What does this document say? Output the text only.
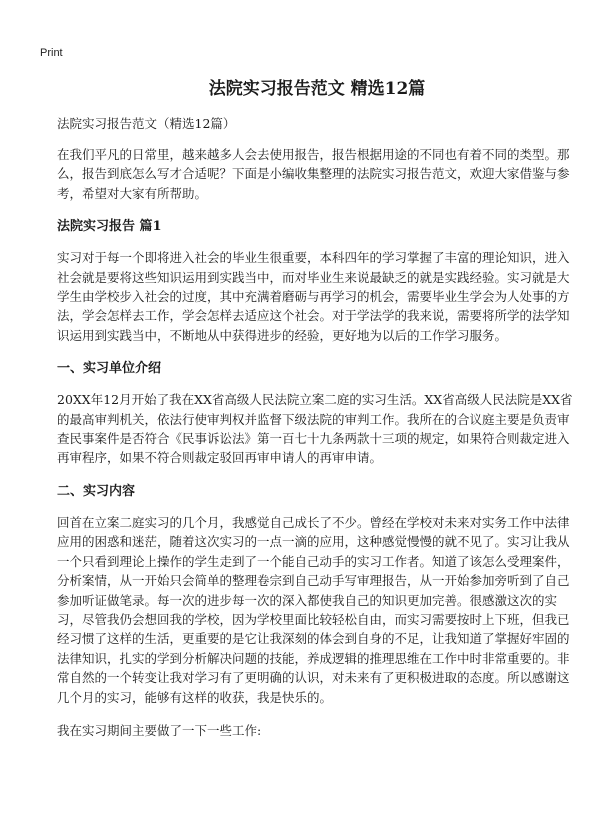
Print
法院实习报告范文 精选12篇
法院实习报告范文（精选12篇）

在我们平凡的日常里，越来越多人会去使用报告，报告根据用途的不同也有着不同的类型。那么，报告到底怎么写才合适呢？下面是小编收集整理的法院实习报告范文，欢迎大家借鉴与参考，希望对大家有所帮助。

法院实习报告 篇1

实习对于每一个即将进入社会的毕业生很重要，本科四年的学习掌握了丰富的理论知识，进入社会就是要将这些知识运用到实践当中，而对毕业生来说最缺乏的就是实践经验。实习就是大学生由学校步入社会的过度，其中充满着磨砺与再学习的机会，需要毕业生学会为人处事的方法，学会怎样去工作，学会怎样去适应这个社会。对于学法学的我来说，需要将所学的法学知识运用到实践当中，不断地从中获得进步的经验，更好地为以后的工作学习服务。

一、实习单位介绍

20XX年12月开始了我在XX省高级人民法院立案二庭的实习生活。XX省高级人民法院是XX省的最高审判机关，依法行使审判权并监督下级法院的审判工作。我所在的合议庭主要是负责审查民事案件是否符合《民事诉讼法》第一百七十九条两款十三项的规定，如果符合则裁定进入再审程序，如果不符合则裁定驳回再审申请人的再审申请。

二、实习内容

回首在立案二庭实习的几个月，我感觉自己成长了不少。曾经在学校对未来对实务工作中法律应用的困惑和迷茫，随着这次实习的一点一滴的应用，这种感觉慢慢的就不见了。实习让我从一个只看到理论上操作的学生走到了一个能自己动手的实习工作者。知道了该怎么受理案件，分析案情，从一开始只会简单的整理卷宗到自己动手写审理报告，从一开始参加旁听到了自己参加听证做笔录。每一次的进步每一次的深入都使我自己的知识更加完善。很感激这次的实习，尽管我仍会想回我的学校，因为学校里面比较轻松自由，而实习需要按时上下班，但我已经习惯了这样的生活，更重要的是它让我深刻的体会到自身的不足，让我知道了掌握好牢固的法律知识，扎实的学到分析解决问题的技能，养成逻辑的推理思维在工作中时非常重要的。非常自然的一个转变让我对学习有了更明确的认识，对未来有了更积极进取的态度。所以感谢这几个月的实习，能够有这样的收获，我是快乐的。

我在实习期间主要做了一下一些工作:
